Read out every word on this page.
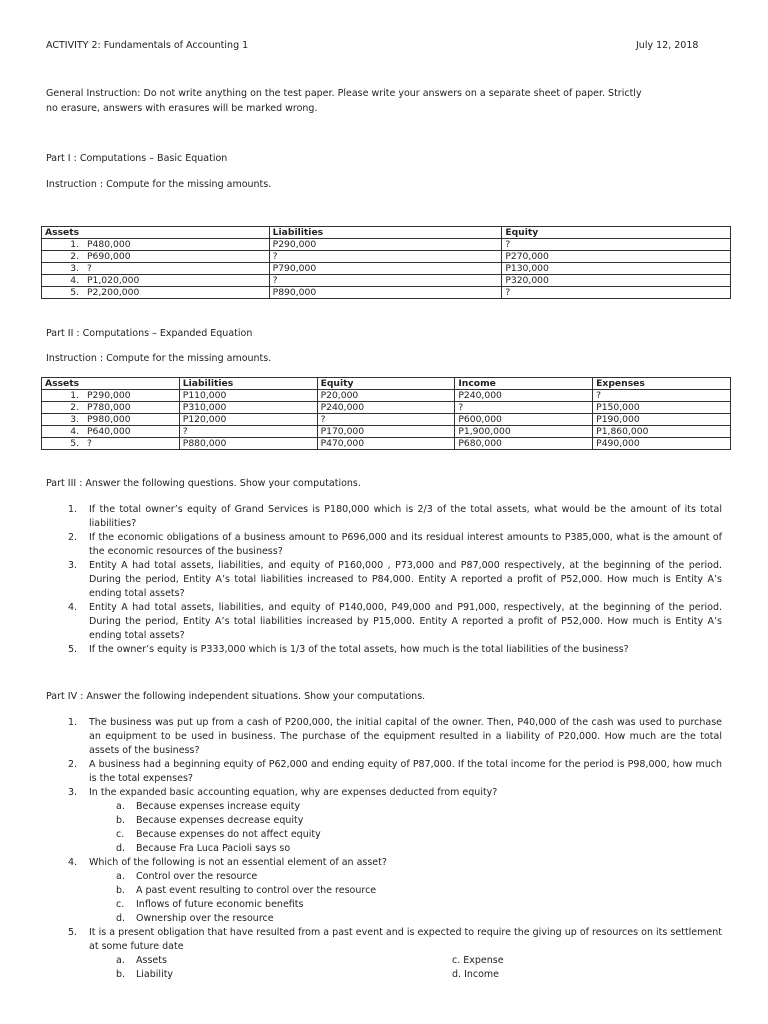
ACTIVITY 2: Fundamentals of Accounting 1	July 12, 2018
General Instruction: Do not write anything on the test paper. Please write your answers on a separate sheet of paper. Strictly
no erasure, answers with erasures will be marked wrong.
Part I : Computations – Basic Equation
Instruction : Compute for the missing amounts.
Assets	Liabilities	Equity
1. P480,000	P290,000	?
2. P690,000	?	P270,000
3. ?	P790,000	P130,000
4. P1,020,000	?	P320,000
5. P2,200,000	P890,000	?
Part II : Computations – Expanded Equation
Instruction : Compute for the missing amounts.
Assets	Liabilities	Equity	Income	Expenses
1. P290,000	P110,000	P20,000	P240,000	?
2. P780,000	P310,000	P240,000	?	P150,000
3. P980,000	P120,000	?	P600,000	P190,000
4. P640,000	?	P170,000	P1,900,000	P1,860,000
5. ?	P880,000	P470,000	P680,000	P490,000
Part III : Answer the following questions. Show your computations.
1. If the total owner’s equity of Grand Services is P180,000 which is 2/3 of the total assets, what would be the amount of its total liabilities?
2. If the economic obligations of a business amount to P696,000 and its residual interest amounts to P385,000, what is the amount of the economic resources of the business?
3. Entity A had total assets, liabilities, and equity of P160,000 , P73,000 and P87,000 respectively, at the beginning of the period. During the period, Entity A’s total liabilities increased to P84,000. Entity A reported a profit of P52,000. How much is Entity A’s ending total assets?
4. Entity A had total assets, liabilities, and equity of P140,000, P49,000 and P91,000, respectively, at the beginning of the period. During the period, Entity A’s total liabilities increased by P15,000. Entity A reported a profit of P52,000. How much is Entity A’s ending total assets?
5. If the owner’s equity is P333,000 which is 1/3 of the total assets, how much is the total liabilities of the business?
Part IV : Answer the following independent situations. Show your computations.
1. The business was put up from a cash of P200,000, the initial capital of the owner. Then, P40,000 of the cash was used to purchase an equipment to be used in business. The purchase of the equipment resulted in a liability of P20,000. How much are the total assets of the business?
2. A business had a beginning equity of P62,000 and ending equity of P87,000. If the total income for the period is P98,000, how much is the total expenses?
3. In the expanded basic accounting equation, why are expenses deducted from equity?
a. Because expenses increase equity
b. Because expenses decrease equity
c. Because expenses do not affect equity
d. Because Fra Luca Pacioli says so
4. Which of the following is not an essential element of an asset?
a. Control over the resource
b. A past event resulting to control over the resource
c. Inflows of future economic benefits
d. Ownership over the resource
5. It is a present obligation that have resulted from a past event and is expected to require the giving up of resources on its settlement at some future date
a. Assets	c. Expense
b. Liability	d. Income
